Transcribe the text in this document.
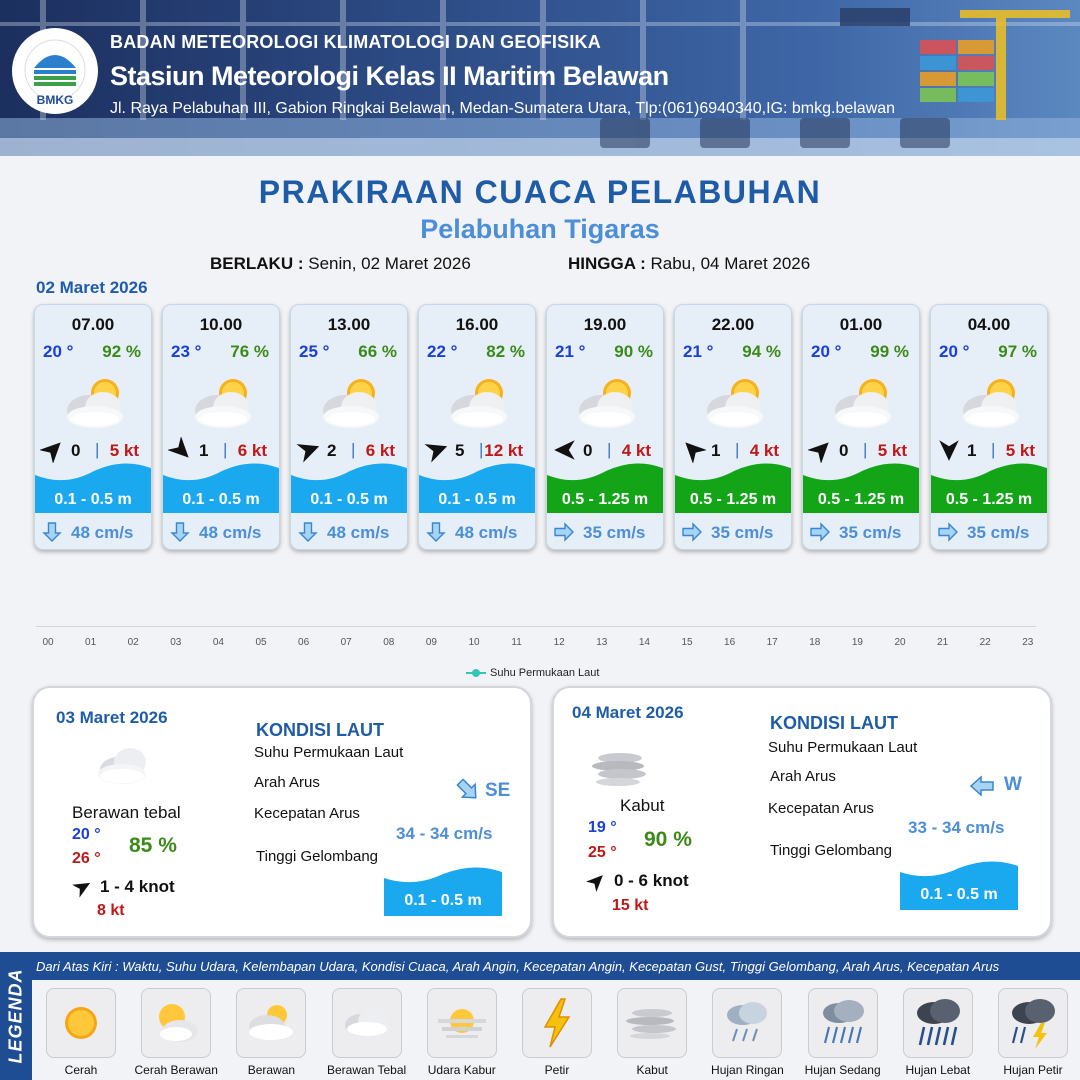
BMKG
BADAN METEOROLOGI KLIMATOLOGI DAN GEOFISIKA
Stasiun Meteorologi Kelas II Maritim Belawan
Jl. Raya Pelabuhan III, Gabion Ringkai Belawan, Medan-Sumatera Utara, Tlp:(061)6940340,IG: bmkg.belawan
PRAKIRAAN CUACA PELABUHAN
Pelabuhan Tigaras
BERLAKU : Senin, 02 Maret 2026	HINGGA : Rabu, 04 Maret 2026
02 Maret 2026
07.00
20 ° 92 %
0 | 5 kt
0.1 - 0.5 m
48 cm/s
10.00
23 ° 76 %
1 | 6 kt
0.1 - 0.5 m
48 cm/s
13.00
25 ° 66 %
2 | 6 kt
0.1 - 0.5 m
48 cm/s
16.00
22 ° 82 %
5 | 12 kt
0.1 - 0.5 m
48 cm/s
19.00
21 ° 90 %
0 | 4 kt
0.5 - 1.25 m
35 cm/s
22.00
21 ° 94 %
1 | 4 kt
0.5 - 1.25 m
35 cm/s
01.00
20 ° 99 %
0 | 5 kt
0.5 - 1.25 m
35 cm/s
04.00
20 ° 97 %
1 | 5 kt
0.5 - 1.25 m
35 cm/s
00	01	02	03	04	05	06	07	08	09	10	11	12	13	14	15	16	17	18	19	20	21	22	23
Suhu Permukaan Laut
03 Maret 2026
Berawan tebal
20 °
26 °
85 %
1 - 4 knot
8 kt
KONDISI LAUT
Suhu Permukaan Laut
Arah Arus
Kecepatan Arus
Tinggi Gelombang
SE
34 - 34 cm/s
0.1 - 0.5 m
04 Maret 2026
Kabut
19 °
25 °
90 %
0 - 6 knot
15 kt
KONDISI LAUT
Suhu Permukaan Laut
Arah Arus
Kecepatan Arus
Tinggi Gelombang
W
33 - 34 cm/s
0.1 - 0.5 m
LEGENDA
Dari Atas Kiri : Waktu, Suhu Udara, Kelembapan Udara, Kondisi Cuaca, Arah Angin, Kecepatan Angin, Kecepatan Gust, Tinggi Gelombang, Arah Arus, Kecepatan Arus
Cerah	Cerah Berawan	Berawan	Berawan Tebal	Udara Kabur	Petir	Kabut	Hujan Ringan	Hujan Sedang	Hujan Lebat	Hujan Petir
